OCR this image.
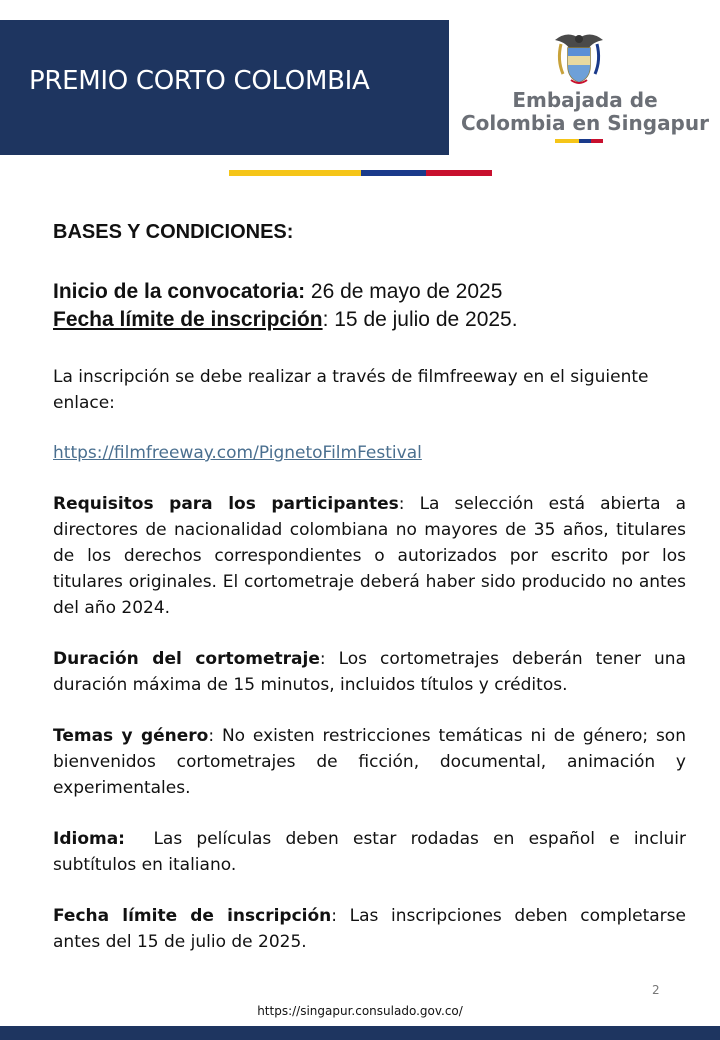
PREMIO CORTO COLOMBIA
Embajada de
Colombia en Singapur
BASES Y CONDICIONES:
Inicio de la convocatoria: 26 de mayo de 2025
Fecha límite de inscripción: 15 de julio de 2025.

La inscripción se debe realizar a través de filmfreeway en el siguiente enlace:

https://filmfreeway.com/PignetoFilmFestival

Requisitos para los participantes: La selección está abierta a directores de nacionalidad colombiana no mayores de 35 años, titulares de los derechos correspondientes o autorizados por escrito por los titulares originales. El cortometraje deberá haber sido producido no antes del año 2024.

Duración del cortometraje: Los cortometrajes deberán tener una duración máxima de 15 minutos, incluidos títulos y créditos.

Temas y género: No existen restricciones temáticas ni de género; son bienvenidos cortometrajes de ficción, documental, animación y experimentales.

Idioma:  Las películas deben estar rodadas en español e incluir subtítulos en italiano.

Fecha límite de inscripción: Las inscripciones deben completarse antes del 15 de julio de 2025.

2
https://singapur.consulado.gov.co/
